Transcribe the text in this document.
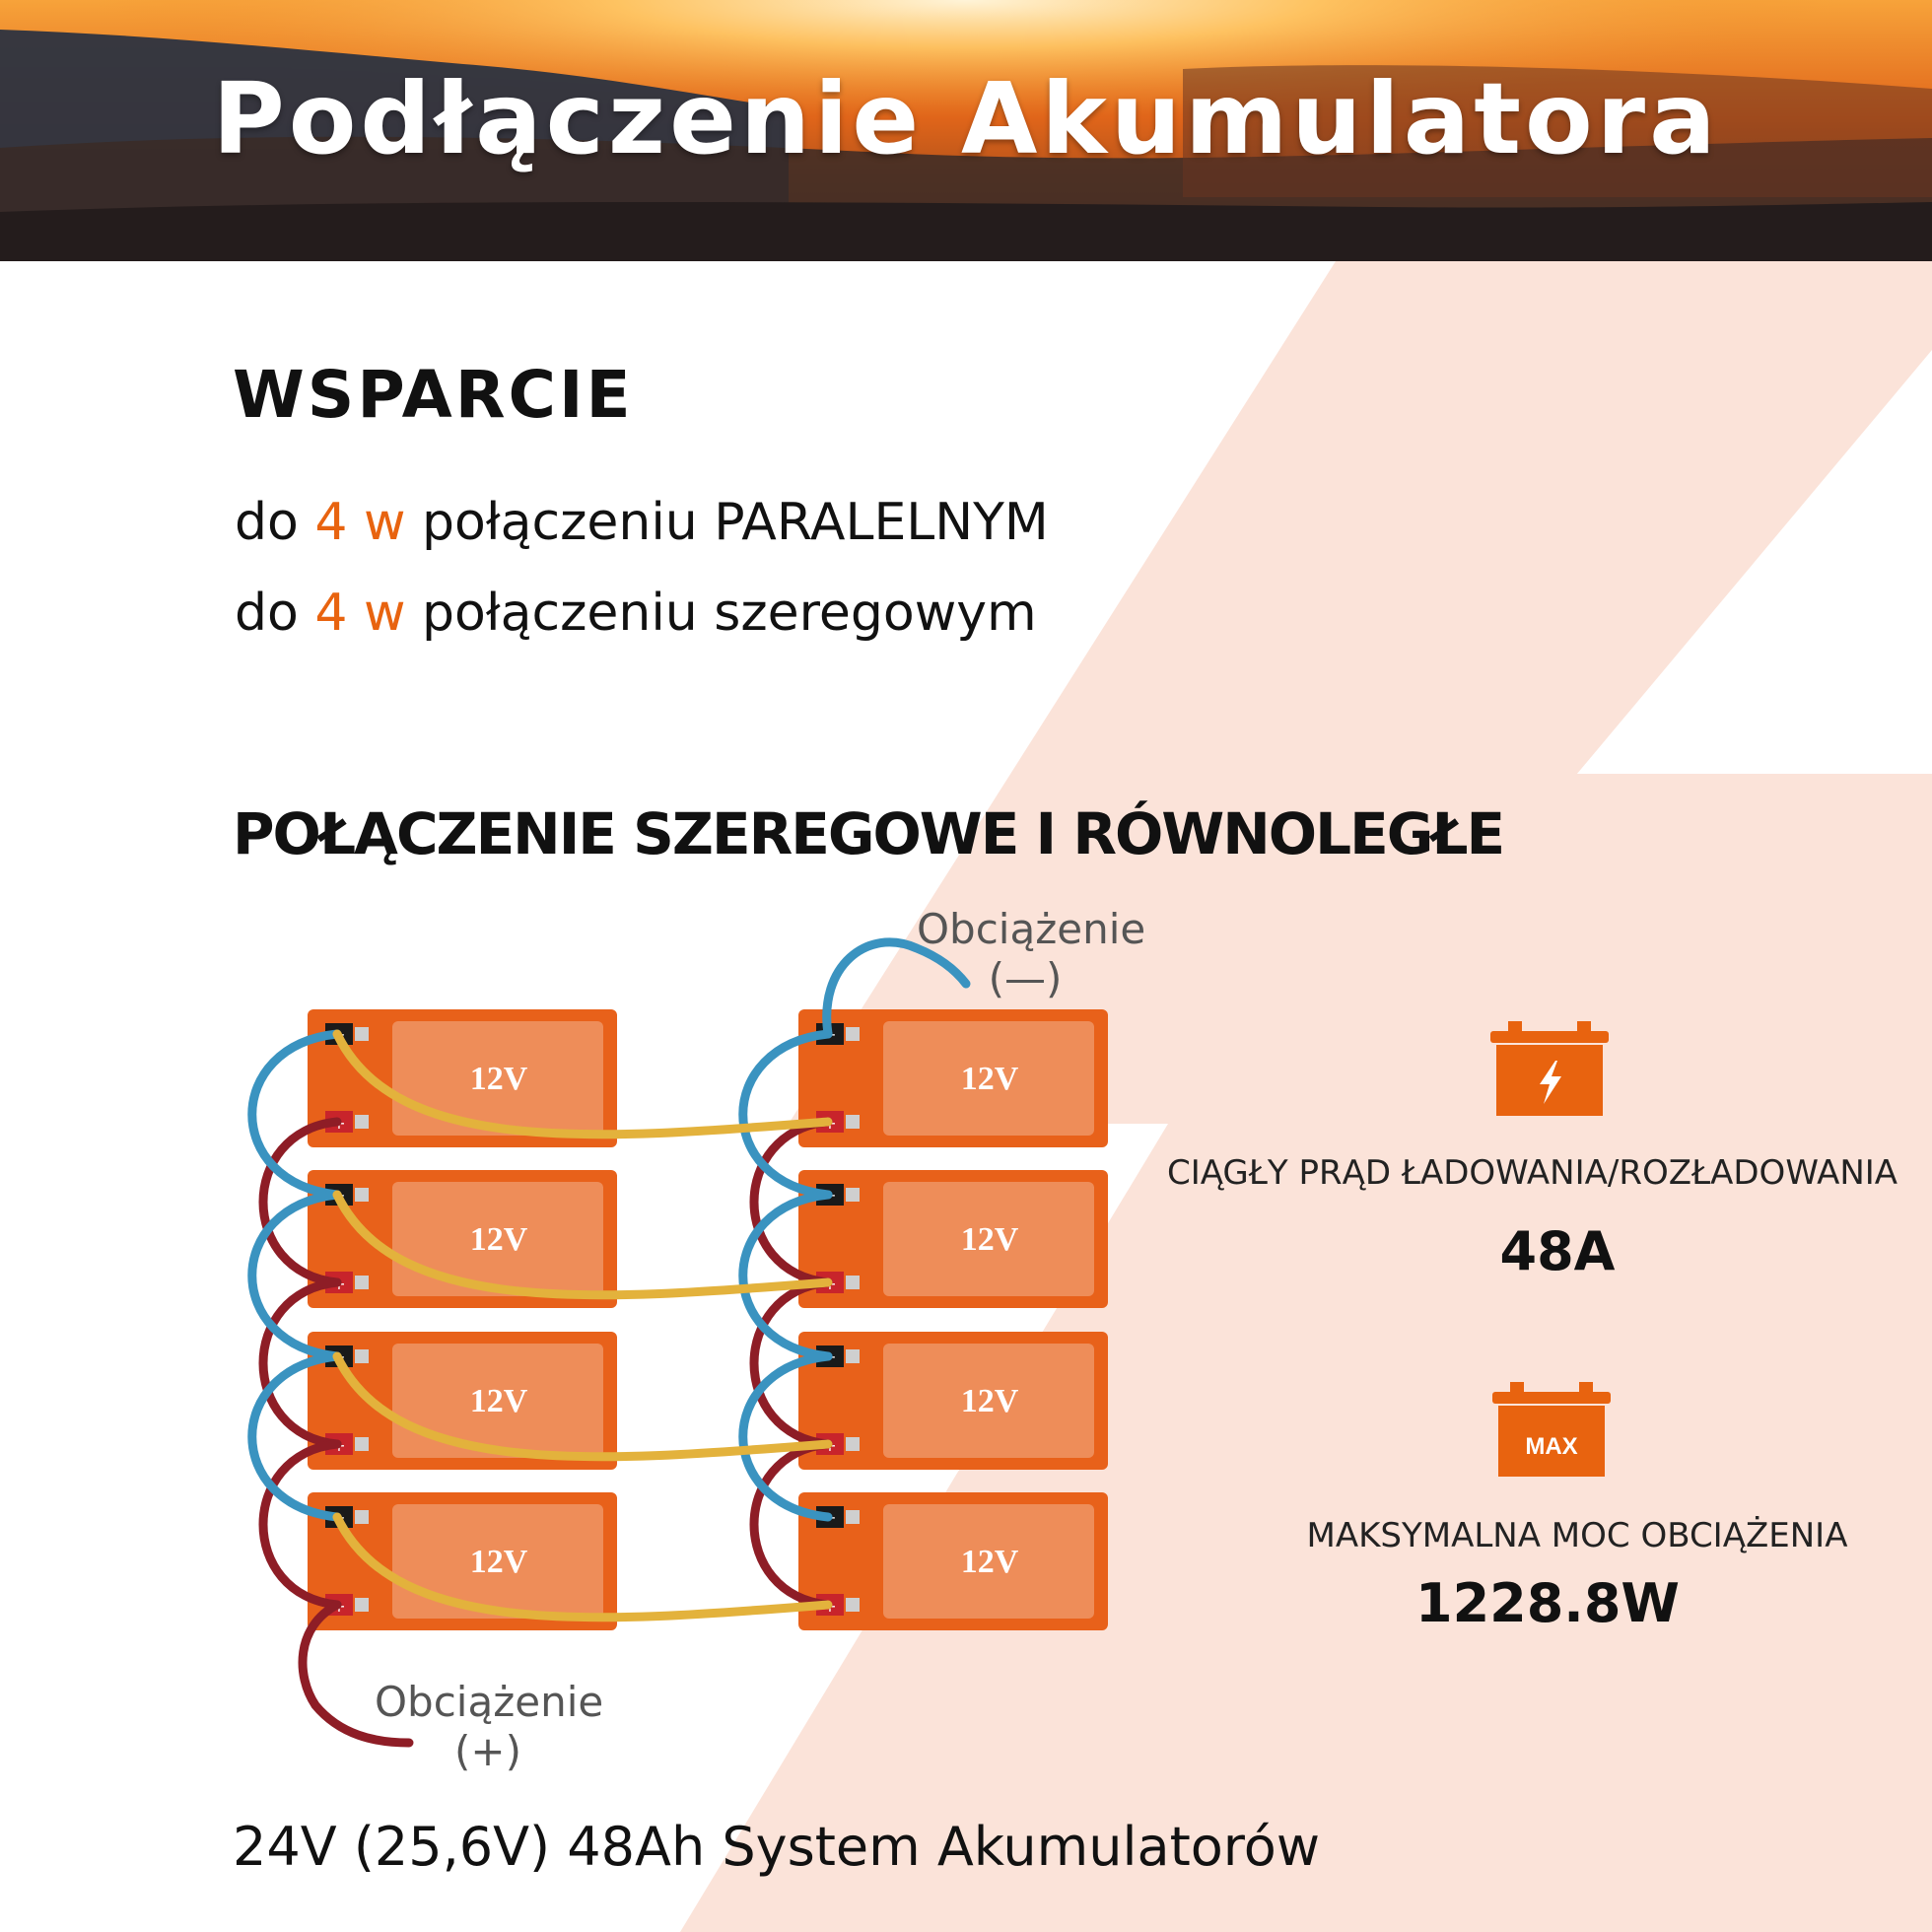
Podłączenie Akumulatora
WSPARCIE
do 4 w połączeniu PARALELNYM
do 4 w połączeniu szeregowym
POŁĄCZENIE SZEREGOWE I RÓWNOLEGŁE
12V
−
+
12V
−
+
12V
−
+
12V
−
+
12V
−
+
12V
−
+
12V
−
+
12V
−
+
Obciążenie
(—)
Obciążenie
(+)
MAX
CIĄGŁY PRĄD ŁADOWANIA/ROZŁADOWANIA
48A
MAKSYMALNA MOC OBCIĄŻENIA
1228.8W
24V (25,6V) 48Ah System Akumulatorów
